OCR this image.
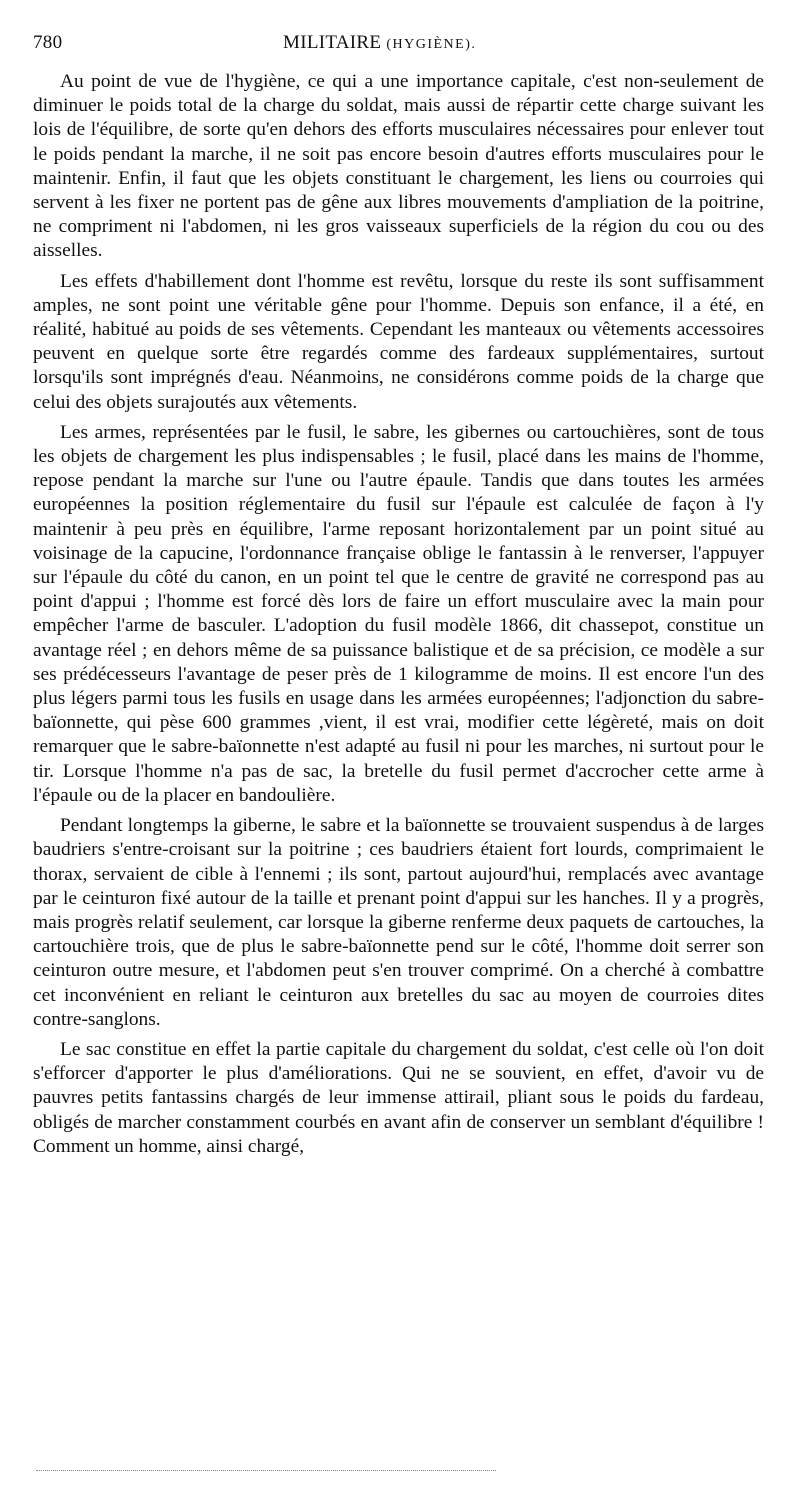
780	MILITAIRE (HYGIÈNE).

Au point de vue de l'hygiène, ce qui a une importance capitale, c'est non-seulement de diminuer le poids total de la charge du soldat, mais aussi de répartir cette charge suivant les lois de l'équilibre, de sorte qu'en dehors des efforts musculaires nécessaires pour enlever tout le poids pendant la marche, il ne soit pas encore besoin d'autres efforts musculaires pour le maintenir. Enfin, il faut que les objets constituant le chargement, les liens ou courroies qui servent à les fixer ne portent pas de gêne aux libres mouvements d'ampliation de la poitrine, ne compriment ni l'abdomen, ni les gros vaisseaux superficiels de la région du cou ou des aisselles.

Les effets d'habillement dont l'homme est revêtu, lorsque du reste ils sont suffisamment amples, ne sont point une véritable gêne pour l'homme. Depuis son enfance, il a été, en réalité, habitué au poids de ses vêtements. Cependant les manteaux ou vêtements accessoires peuvent en quelque sorte être regardés comme des fardeaux supplémentaires, surtout lorsqu'ils sont imprégnés d'eau. Néanmoins, ne considérons comme poids de la charge que celui des objets surajoutés aux vêtements.

Les armes, représentées par le fusil, le sabre, les gibernes ou cartouchières, sont de tous les objets de chargement les plus indispensables ; le fusil, placé dans les mains de l'homme, repose pendant la marche sur l'une ou l'autre épaule. Tandis que dans toutes les armées européennes la position réglementaire du fusil sur l'épaule est calculée de façon à l'y maintenir à peu près en équilibre, l'arme reposant horizontalement par un point situé au voisinage de la capucine, l'ordonnance française oblige le fantassin à le renverser, l'appuyer sur l'épaule du côté du canon, en un point tel que le centre de gravité ne correspond pas au point d'appui ; l'homme est forcé dès lors de faire un effort musculaire avec la main pour empêcher l'arme de basculer. L'adoption du fusil modèle 1866, dit chassepot, constitue un avantage réel ; en dehors même de sa puissance balistique et de sa précision, ce modèle a sur ses prédécesseurs l'avantage de peser près de 1 kilogramme de moins. Il est encore l'un des plus légers parmi tous les fusils en usage dans les armées européennes; l'adjonction du sabre-baïonnette, qui pèse 600 grammes ,vient, il est vrai, modifier cette légèreté, mais on doit remarquer que le sabre-baïonnette n'est adapté au fusil ni pour les marches, ni surtout pour le tir. Lorsque l'homme n'a pas de sac, la bretelle du fusil permet d'accrocher cette arme à l'épaule ou de la placer en bandoulière.

Pendant longtemps la giberne, le sabre et la baïonnette se trouvaient suspendus à de larges baudriers s'entre-croisant sur la poitrine ; ces baudriers étaient fort lourds, comprimaient le thorax, servaient de cible à l'ennemi ; ils sont, partout aujourd'hui, remplacés avec avantage par le ceinturon fixé autour de la taille et prenant point d'appui sur les hanches. Il y a progrès, mais progrès relatif seulement, car lorsque la giberne renferme deux paquets de cartouches, la cartouchière trois, que de plus le sabre-baïonnette pend sur le côté, l'homme doit serrer son ceinturon outre mesure, et l'abdomen peut s'en trouver comprimé. On a cherché à combattre cet inconvénient en reliant le ceinturon aux bretelles du sac au moyen de courroies dites contre-sanglons.

Le sac constitue en effet la partie capitale du chargement du soldat, c'est celle où l'on doit s'efforcer d'apporter le plus d'améliorations. Qui ne se souvient, en effet, d'avoir vu de pauvres petits fantassins chargés de leur immense attirail, pliant sous le poids du fardeau, obligés de marcher constamment courbés en avant afin de conserver un semblant d'équilibre ! Comment un homme, ainsi chargé,
